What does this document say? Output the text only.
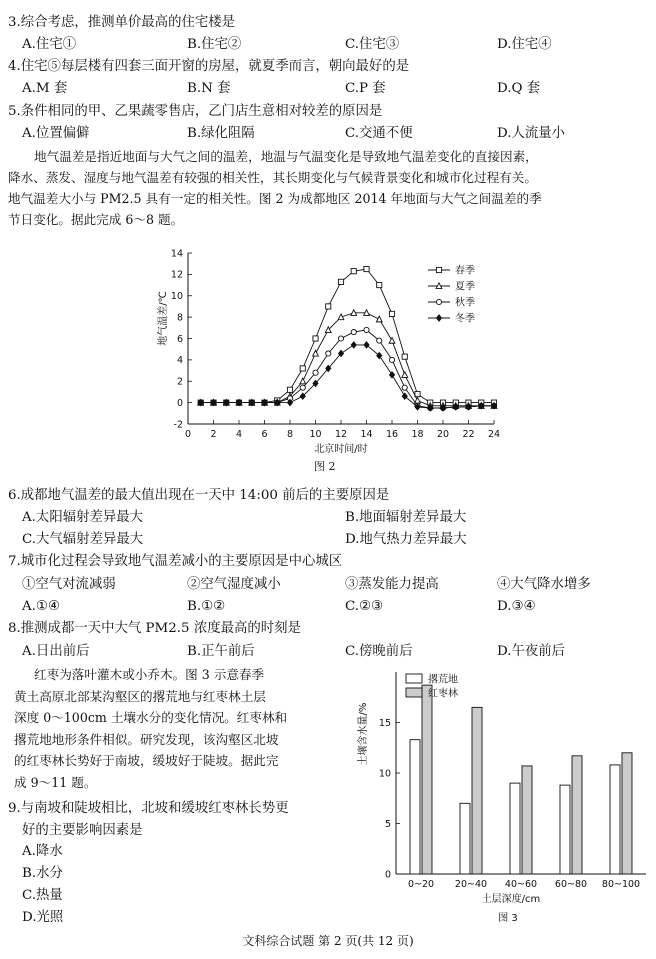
3.综合考虑，推测单价最高的住宅楼是
A.住宅①	B.住宅②	C.住宅③	D.住宅④
4.住宅⑤每层楼有四套三面开窗的房屋，就夏季而言，朝向最好的是
A.M 套	B.N 套	C.P 套	D.Q 套
5.条件相同的甲、乙果蔬零售店，乙门店生意相对较差的原因是
A.位置偏僻	B.绿化阻隔	C.交通不便	D.人流量小

地气温差是指近地面与大气之间的温差，地温与气温变化是导致地气温差变化的直接因素，

降水、蒸发、湿度与地气温差有较强的相关性，其长期变化与气候背景变化和城市化过程有关。

地气温差大小与 PM2.5 具有一定的相关性。图 2 为成都地区 2014 年地面与大气之间温差的季

节日变化。据此完成 6～8 题。

-2
0
2
4
6
8
10
12
14
0 2 4 6 8 10 12 14 16 18 20 22 24
北京时间/时
地气温差/℃
春季
夏季
秋季
冬季
图 2
6.成都地气温差的最大值出现在一天中 14:00 前后的主要原因是
A.太阳辐射差异最大	B.地面辐射差异最大
C.大气辐射差异最大	D.地气热力差异最大
7.城市化过程会导致地气温差减小的主要原因是中心城区
①空气对流减弱	②空气湿度减小	③蒸发能力提高	④大气降水增多
A.①④	B.①②	C.②③	D.③④
8.推测成都一天中大气 PM2.5 浓度最高的时刻是
A.日出前后	B.正午前后	C.傍晚前后	D.午夜前后

红枣为落叶灌木或小乔木。图 3 示意春季

黄土高原北部某沟壑区的撂荒地与红枣林土层

深度 0～100cm 土壤水分的变化情况。红枣林和

撂荒地地形条件相似。研究发现，该沟壑区北坡

的红枣林长势好于南坡，缓坡好于陡坡。据此完

成 9～11 题。

9.与南坡和陡坡相比，北坡和缓坡红枣林长势更
好的主要影响因素是
A.降水
B.水分
C.热量
D.光照
0
5
10
15
土壤含水量/%
0~20 20~40 40~60 60~80 80~100
土层深度/cm
图 3
撂荒地
红枣林
文科综合试题 第 2 页(共 12 页)
